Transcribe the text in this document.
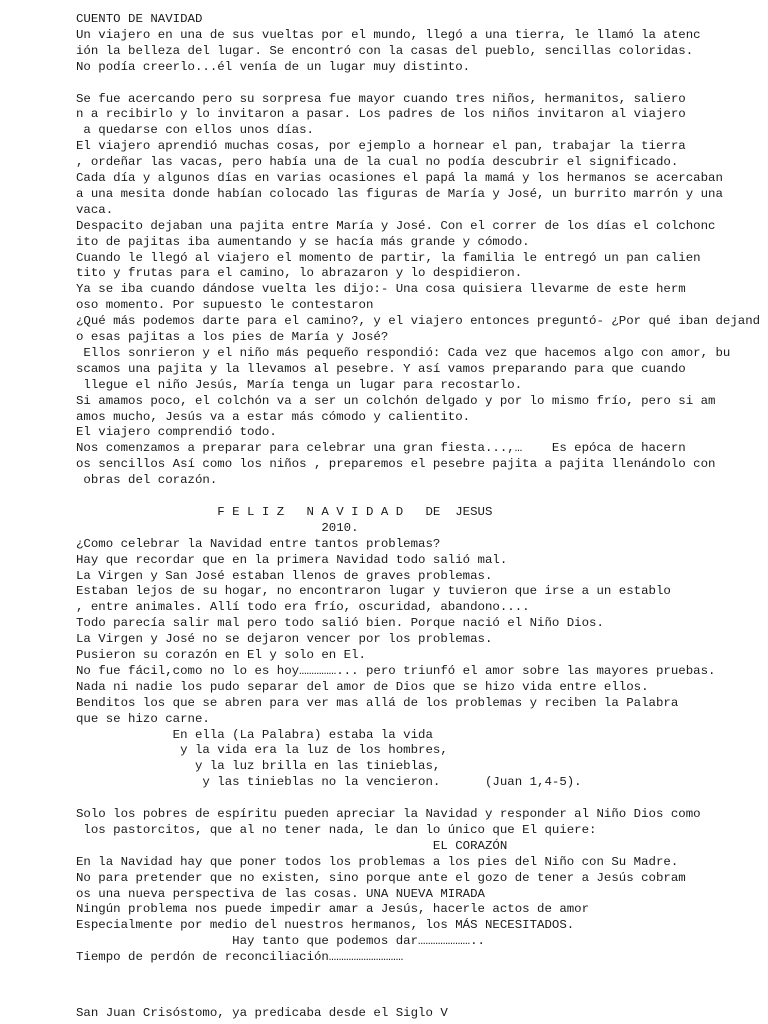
CUENTO DE NAVIDAD

Un viajero en una de sus vueltas por el mundo, llegó a una tierra, le llamó la atenc

ión la belleza del lugar. Se encontró con la casas del pueblo, sencillas coloridas.

No podía creerlo...él venía de un lugar muy distinto.

Se fue acercando pero su sorpresa fue mayor cuando tres niños, hermanitos, saliero

n a recibirlo y lo invitaron a pasar. Los padres de los niños invitaron al viajero

a quedarse con ellos unos días.

El viajero aprendió muchas cosas, por ejemplo a hornear el pan, trabajar la tierra

, ordeñar las vacas, pero había una de la cual no podía descubrir el significado.

Cada día y algunos días en varias ocasiones el papá la mamá y los hermanos se acercaban

a una mesita donde habían colocado las figuras de María y José, un burrito marrón y una

vaca.

Despacito dejaban una pajita entre María y José. Con el correr de los días el colchonc

ito de pajitas iba aumentando y se hacía más grande y cómodo.

Cuando le llegó al viajero el momento de partir, la familia le entregó un pan calien

tito y frutas para el camino, lo abrazaron y lo despidieron.

Ya se iba cuando dándose vuelta les dijo:- Una cosa quisiera llevarme de este herm

oso momento. Por supuesto le contestaron

¿Qué más podemos darte para el camino?, y el viajero entonces preguntó- ¿Por qué iban dejand

o esas pajitas a los pies de María y José?

Ellos sonrieron y el niño más pequeño respondió: Cada vez que hacemos algo con amor, bu

scamos una pajita y la llevamos al pesebre. Y así vamos preparando para que cuando

llegue el niño Jesús, María tenga un lugar para recostarlo.

Si amamos poco, el colchón va a ser un colchón delgado y por lo mismo frío, pero si am

amos mucho, Jesús va a estar más cómodo y calientito.

El viajero comprendió todo.

Nos comenzamos a preparar para celebrar una gran fiesta...,…    Es epóca de hacern

os sencillos Así como los niños , preparemos el pesebre pajita a pajita llenándolo con

obras del corazón.

F E L I Z   N A V I D A D   DE  JESUS

2010.

¿Como celebrar la Navidad entre tantos problemas?

Hay que recordar que en la primera Navidad todo salió mal.

La Virgen y San José estaban llenos de graves problemas.

Estaban lejos de su hogar, no encontraron lugar y tuvieron que irse a un establo

, entre animales. Allí todo era frío, oscuridad, abandono....

Todo parecía salir mal pero todo salió bien. Porque nació el Niño Dios.

La Virgen y José no se dejaron vencer por los problemas.

Pusieron su corazón en El y solo en El.

No fue fácil,como no lo es hoy……………... pero triunfó el amor sobre las mayores pruebas.

Nada ni nadie los pudo separar del amor de Dios que se hizo vida entre ellos.

Benditos los que se abren para ver mas allá de los problemas y reciben la Palabra

que se hizo carne.

En ella (La Palabra) estaba la vida

y la vida era la luz de los hombres,

y la luz brilla en las tinieblas,

y las tinieblas no la vencieron.      (Juan 1,4-5).

Solo los pobres de espíritu pueden apreciar la Navidad y responder al Niño Dios como

los pastorcitos, que al no tener nada, le dan lo único que El quiere:

EL CORAZÓN

En la Navidad hay que poner todos los problemas a los pies del Niño con Su Madre.

No para pretender que no existen, sino porque ante el gozo de tener a Jesús cobram

os una nueva perspectiva de las cosas. UNA NUEVA MIRADA

Ningún problema nos puede impedir amar a Jesús, hacerle actos de amor

Especialmente por medio del nuestros hermanos, los MÁS NECESITADOS.

Hay tanto que podemos dar…………………..

Tiempo de perdón de reconciliación…………………………

San Juan Crisóstomo, ya predicaba desde el Siglo V
